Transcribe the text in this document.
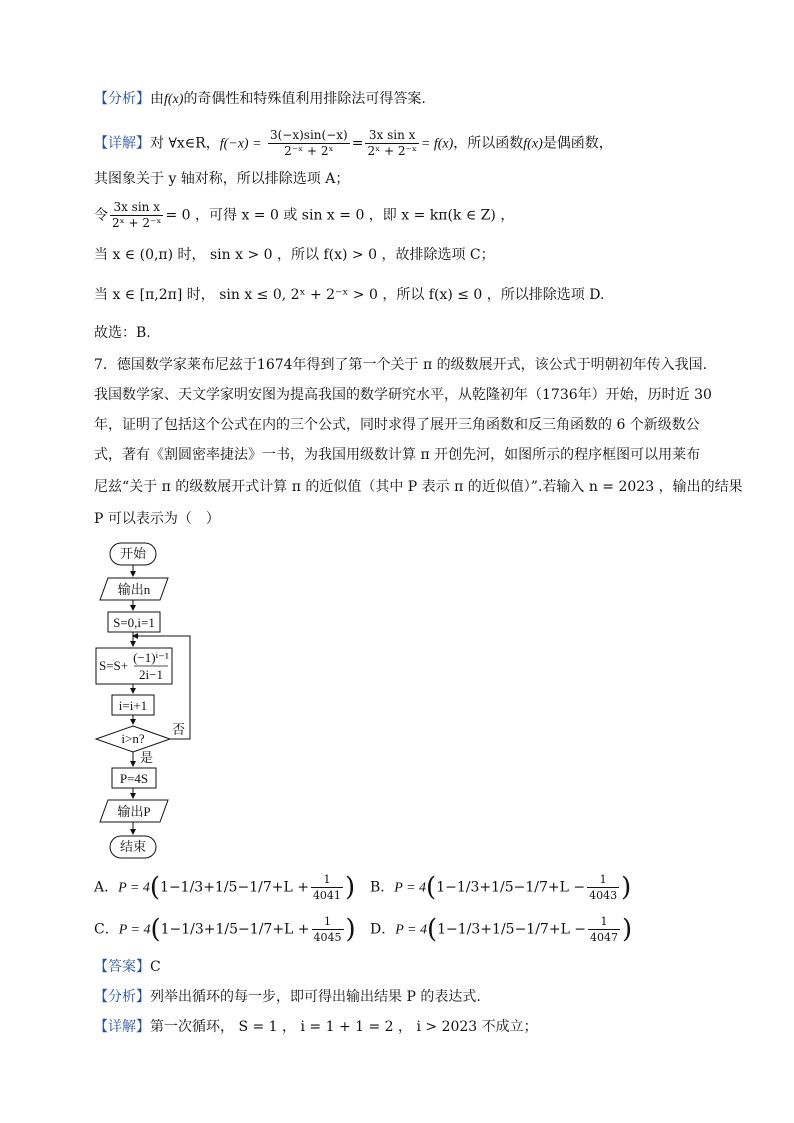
【分析】由f(x)的奇偶性和特殊值利用排除法可得答案.
【详解】对 ∀x∈R，$f(-x) = \frac{3(-x)\sin(-x)}{\text{2⁻ˣ + 2ˣ}} = \frac{\text{3x sin x}}{\text{2ˣ + 2⁻ˣ}} = f(x)$，所以函数f(x)是偶函数，
其图象关于 y 轴对称，所以排除选项 A；
令 $\frac{\text{3x sin x}}{\text{2ˣ + 2⁻ˣ}} = 0$ ，可得 x = 0 或 sin x = 0 ，即 x = kπ(k ∈ Z) ，
当 x ∈ (0,π) 时， sin x > 0 ，所以 f(x) > 0 ，故排除选项 C；
当 x ∈ [π,2π] 时， sin x ≤ 0, 2ˣ + 2⁻ˣ > 0 ，所以 f(x) ≤ 0 ，所以排除选项 D.
故选：B.
7．德国数学家莱布尼兹于1674年得到了第一个关于 π 的级数展开式，该公式于明朝初年传入我国.
我国数学家、天文学家明安图为提高我国的数学研究水平，从乾隆初年（1736年）开始，历时近 30
年，证明了包括这个公式在内的三个公式，同时求得了展开三角函数和反三角函数的 6 个新级数公
式，著有《割圆密率捷法》一书，为我国用级数计算 π 开创先河，如图所示的程序框图可以用莱布
尼兹“关于 π 的级数展开式计算 π 的近似值（其中 P 表示 π 的近似值）”.若输入 n = 2023 ，输出的结果
P 可以表示为（　）
开始
输出n
S=0,i=1
S=S+
(−1)ⁱ⁻¹
2i−1
i=i+1
i>n?
否
是
P=4S
输出P
结束
A．$P = 4(1-1/3+1/5-1/7+L + \frac{1}{4041}$ ) B．$P = 4(1-1/3+1/5-1/7+L - \frac{1}{4043}$ )
C．$P = 4(1-1/3+1/5-1/7+L + \frac{1}{4045}$ ) D．$P = 4(1-1/3+1/5-1/7+L - \frac{1}{4047}$ )
【答案】C
【分析】列举出循环的每一步，即可得出输出结果 P 的表达式.
【详解】第一次循环， S = 1 ， i = 1 + 1 = 2 ， i > 2023 不成立；
